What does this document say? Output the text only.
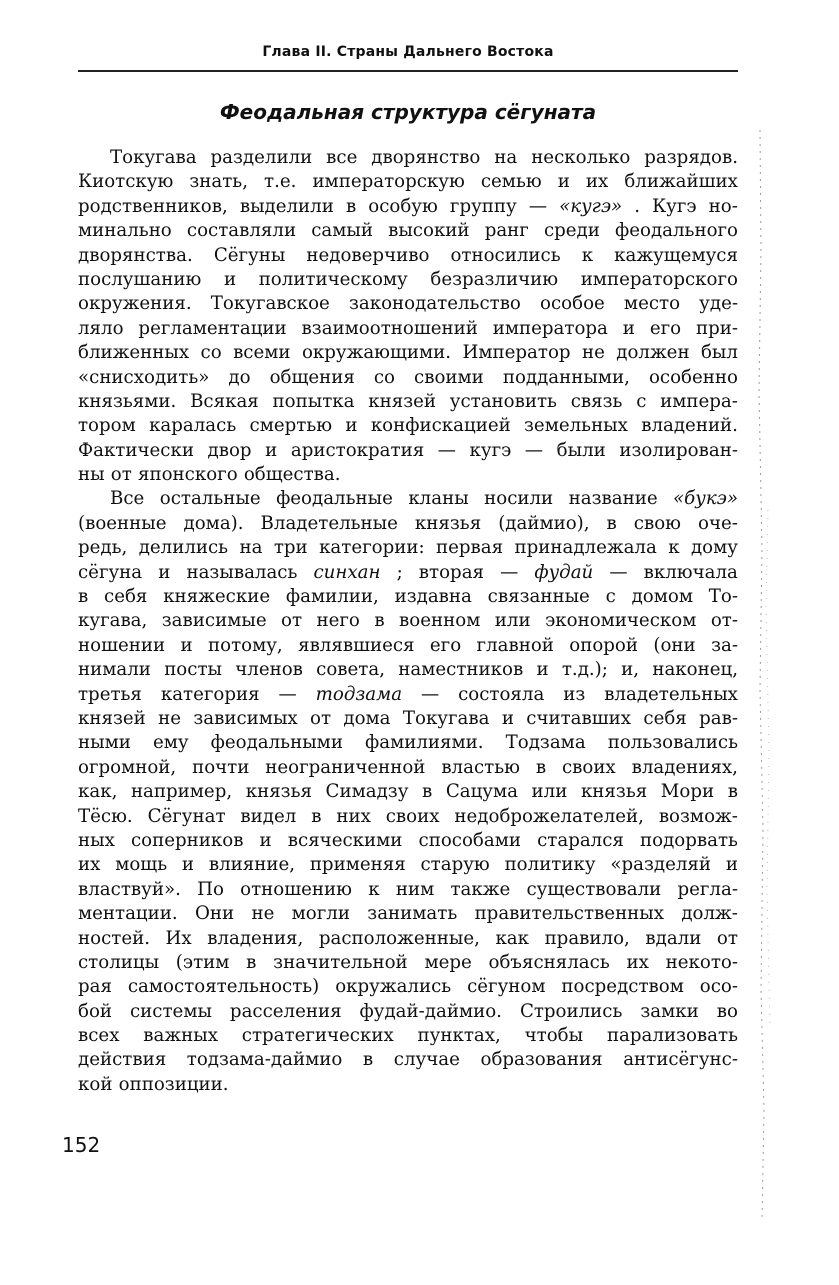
Глава II. Страны Дальнего Востока
Феодальная структура сёгуната
Токугава разделили все дворянство на несколько разрядов.
Киотскую знать, т.е. императорскую семью и их ближайших
родственников, выделили в особую группу — «кугэ» . Кугэ но-
минально составляли самый высокий ранг среди феодального
дворянства. Сёгуны недоверчиво относились к кажущемуся
послушанию и политическому безразличию императорского
окружения. Токугавское законодательство особое место уде-
ляло регламентации взаимоотношений императора и его при-
ближенных со всеми окружающими. Император не должен был
«снисходить» до общения со своими подданными, особенно
князьями. Всякая попытка князей установить связь с импера-
тором каралась смертью и конфискацией земельных владений.
Фактически двор и аристократия — кугэ — были изолирован-
ны от японского общества.
Все остальные феодальные кланы носили название «букэ»
(военные дома). Владетельные князья (даймио), в свою оче-
редь, делились на три категории: первая принадлежала к дому
сёгуна и называлась синхан ; вторая — фудай — включала
в себя княжеские фамилии, издавна связанные с домом То-
кугава, зависимые от него в военном или экономическом от-
ношении и потому, являвшиеся его главной опорой (они за-
нимали посты членов совета, наместников и т.д.); и, наконец,
третья категория — тодзама — состояла из владетельных
князей не зависимых от дома Токугава и считавших себя рав-
ными ему феодальными фамилиями. Тодзама пользовались
огромной, почти неограниченной властью в своих владениях,
как, например, князья Симадзу в Сацума или князья Мори в
Тёсю. Сёгунат видел в них своих недоброжелателей, возмож-
ных соперников и всяческими способами старался подорвать
их мощь и влияние, применяя старую политику «разделяй и
властвуй». По отношению к ним также существовали регла-
ментации. Они не могли занимать правительственных долж-
ностей. Их владения, расположенные, как правило, вдали от
столицы (этим в значительной мере объяснялась их некото-
рая самостоятельность) окружались сёгуном посредством осо-
бой системы расселения фудай-даймио. Строились замки во
всех важных стратегических пунктах, чтобы парализовать
действия тодзама-даймио в случае образования антисёгунс-
кой оппозиции.
152
